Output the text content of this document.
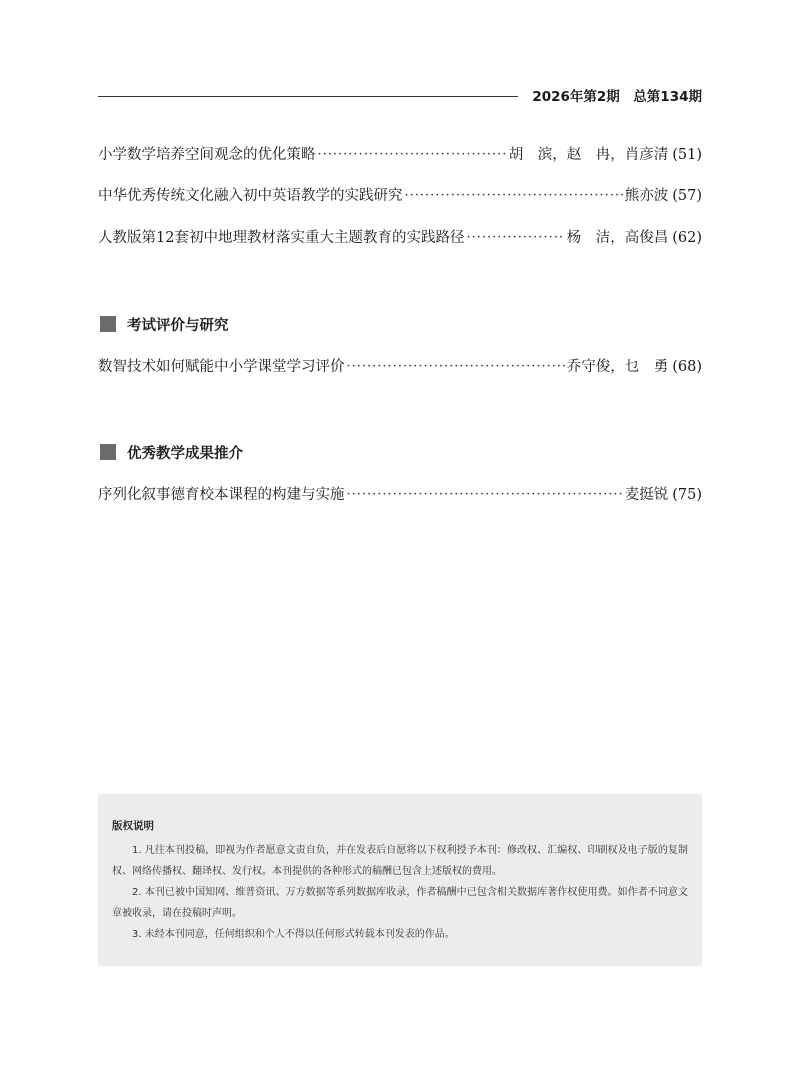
2026年第2期　总第134期
小学数学培养空间观念的优化策略 ·····	胡　滨，赵　冉，肖彦清 (51)
中华优秀传统文化融入初中英语教学的实践研究 ·····	熊亦波 (57)
人教版第12套初中地理教材落实重大主题教育的实践路径 ·····	杨　洁，高俊昌 (62)
考试评价与研究
数智技术如何赋能中小学课堂学习评价 ·····	乔守俊，乜　勇 (68)
优秀教学成果推介
序列化叙事德育校本课程的构建与实施 ·····	麦挺锐 (75)
版权说明
1. 凡往本刊投稿，即视为作者愿意文责自负，并在发表后自愿将以下权利授予本刊：修改权、汇编权、印刷权及电子版的复制权、网络传播权、翻译权、发行权。本刊提供的各种形式的稿酬已包含上述版权的费用。
2. 本刊已被中国知网、维普资讯、万方数据等系列数据库收录，作者稿酬中已包含相关数据库著作权使用费。如作者不同意文章被收录，请在投稿时声明。
3. 未经本刊同意，任何组织和个人不得以任何形式转载本刊发表的作品。
